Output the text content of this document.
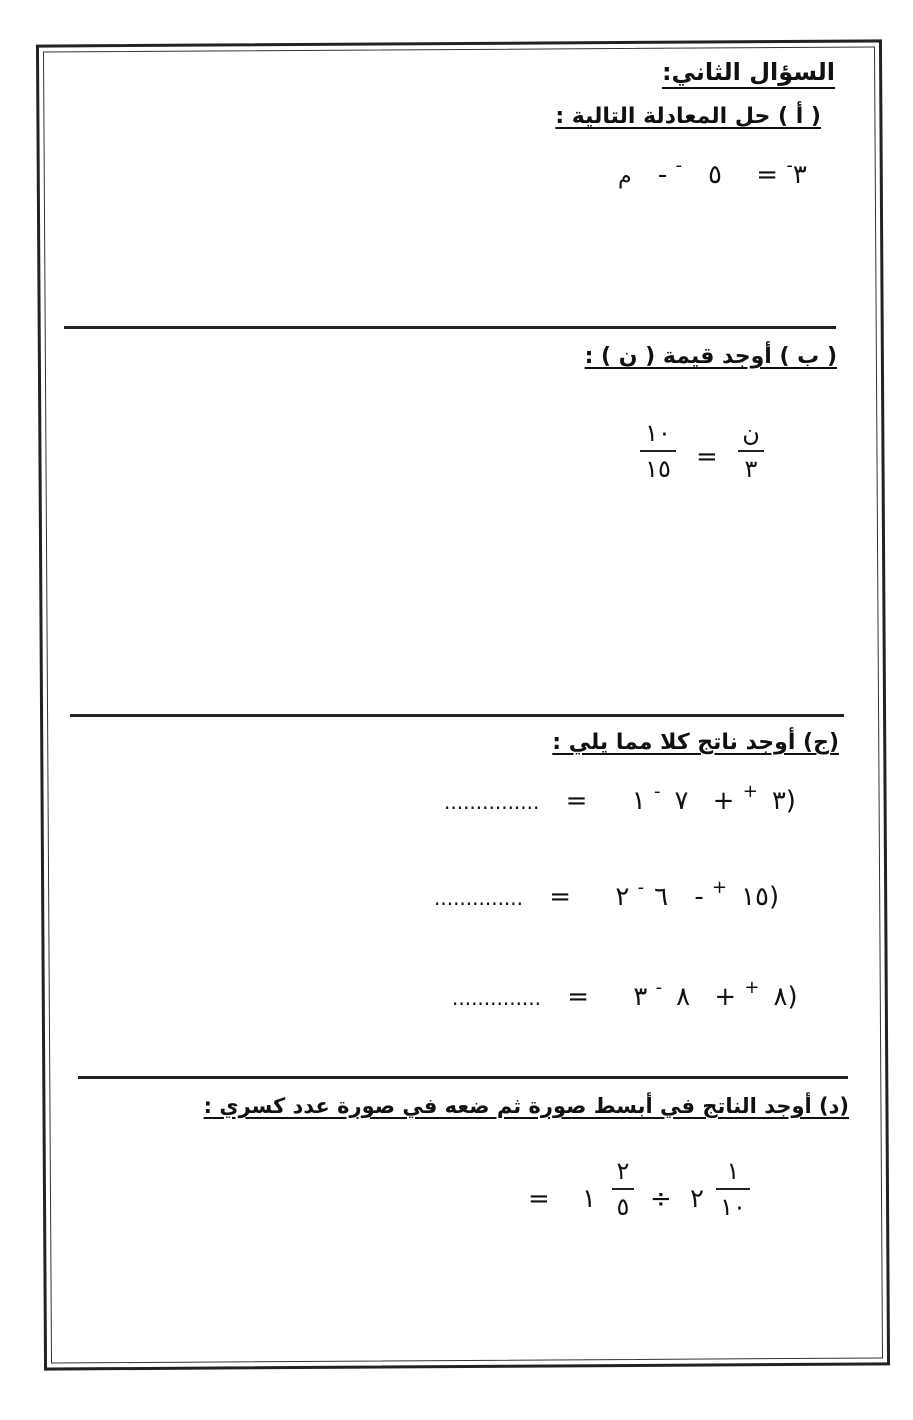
السؤال الثاني:
( أ ) حل المعادلة التالية :
٣- = ٥- - م
( ب ) أوجد قيمة ( ن ) :
١٠
١٥ =
ن
٣
(ج) أوجد ناتج كلا مما يلي :
............... =	٣+ + ٧- ١)
.............. =	١٥+ - ٦- ٢)
.............. =	٨+ + ٨- ٣)
(د) أوجد الناتج في أبسط صورة ثم ضعه في صورة عدد كسري :
= ١
٢
٥ ÷ ٢
١
١٠
